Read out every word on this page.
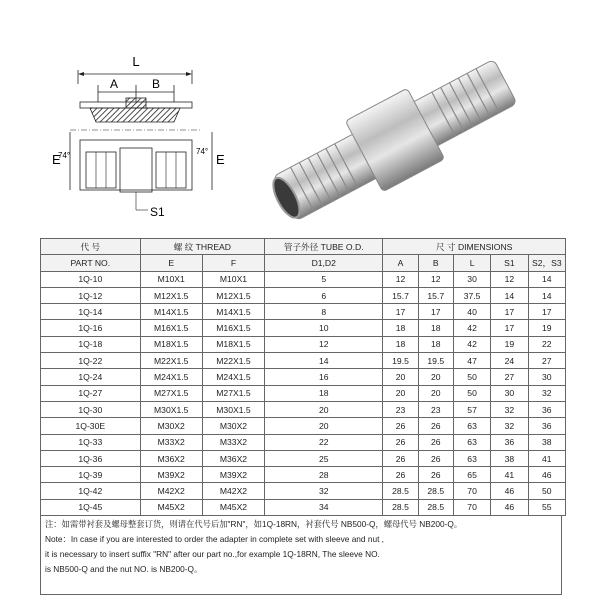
L
A	B
E	E
74°	74°
S1
代 号	螺 纹 THREAD		管子外径 TUBE O.D.	尺 寸 DIMENSIONS				
PART NO.	E	F	D1,D2	A	B	L	S1	S2，S3
1Q-10	M10X1	M10X1	5	12	12	30	12	14
1Q-12	M12X1.5	M12X1.5	6	15.7	15.7	37.5	14	14
1Q-14	M14X1.5	M14X1.5	8	17	17	40	17	17
1Q-16	M16X1.5	M16X1.5	10	18	18	42	17	19
1Q-18	M18X1.5	M18X1.5	12	18	18	42	19	22
1Q-22	M22X1.5	M22X1.5	14	19.5	19.5	47	24	27
1Q-24	M24X1.5	M24X1.5	16	20	20	50	27	30
1Q-27	M27X1.5	M27X1.5	18	20	20	50	30	32
1Q-30	M30X1.5	M30X1.5	20	23	23	57	32	36
1Q-30E	M30X2	M30X2	20	26	26	63	32	36
1Q-33	M33X2	M33X2	22	26	26	63	36	38
1Q-36	M36X2	M36X2	25	26	26	63	38	41
1Q-39	M39X2	M39X2	28	26	26	65	41	46
1Q-42	M42X2	M42X2	32	28.5	28.5	70	46	50
1Q-45	M45X2	M45X2	34	28.5	28.5	70	46	55
注：如需带衬套及螺母整套订货，则请在代号后加"RN"，如1Q-18RN，衬套代号 NB500-Q，螺母代号 NB200-Q。
Note：In case if you are interested to order the adapter in complete set with sleeve and nut ,
it is necessary to insert suffix "RN" after our part no.,for example 1Q-18RN, The sleeve NO.
is NB500-Q and the nut NO. is NB200-Q。
